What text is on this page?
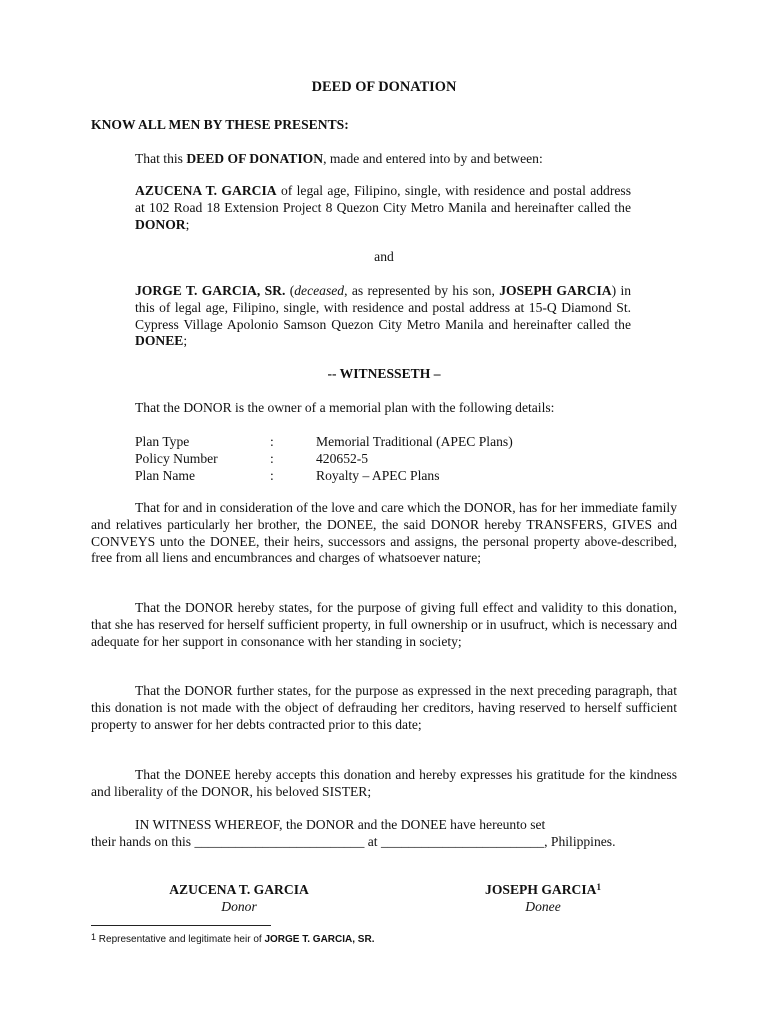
DEED OF DONATION
KNOW ALL MEN BY THESE PRESENTS:
That this DEED OF DONATION, made and entered into by and between:
AZUCENA T. GARCIA of legal age, Filipino, single, with residence and postal address at 102 Road 18 Extension Project 8 Quezon City Metro Manila and hereinafter called the DONOR;
and
JORGE T. GARCIA, SR. (deceased, as represented by his son, JOSEPH GARCIA) in this of legal age, Filipino, single, with residence and postal address at 15-Q Diamond St. Cypress Village Apolonio Samson Quezon City Metro Manila and hereinafter called the DONEE;
-- WITNESSETH –
That the DONOR is the owner of a memorial plan with the following details:
Plan Type	:	Memorial Traditional (APEC Plans)
Policy Number	:	420652-5
Plan Name	:	Royalty – APEC Plans
That for and in consideration of the love and care which the DONOR, has for her immediate family and relatives particularly her brother, the DONEE, the said DONOR hereby TRANSFERS, GIVES and CONVEYS unto the DONEE, their heirs, successors and assigns, the personal property above-described, free from all liens and encumbrances and charges of whatsoever nature;
That the DONOR hereby states, for the purpose of giving full effect and validity to this donation, that she has reserved for herself sufficient property, in full ownership or in usufruct, which is necessary and adequate for her support in consonance with her standing in society;
That the DONOR further states, for the purpose as expressed in the next preceding paragraph, that this donation is not made with the object of defrauding her creditors, having reserved to herself sufficient property to answer for her debts contracted prior to this date;
That the DONEE hereby accepts this donation and hereby expresses his gratitude for the kindness and liberality of the DONOR, his beloved SISTER;
IN WITNESS WHEREOF, the DONOR and the DONEE have hereunto set
their hands on this _________________________ at ________________________, Philippines.
AZUCENA T. GARCIA
Donor
JOSEPH GARCIA$^1$
Donee
$^1$ Representative and legitimate heir of JORGE T. GARCIA, SR.
